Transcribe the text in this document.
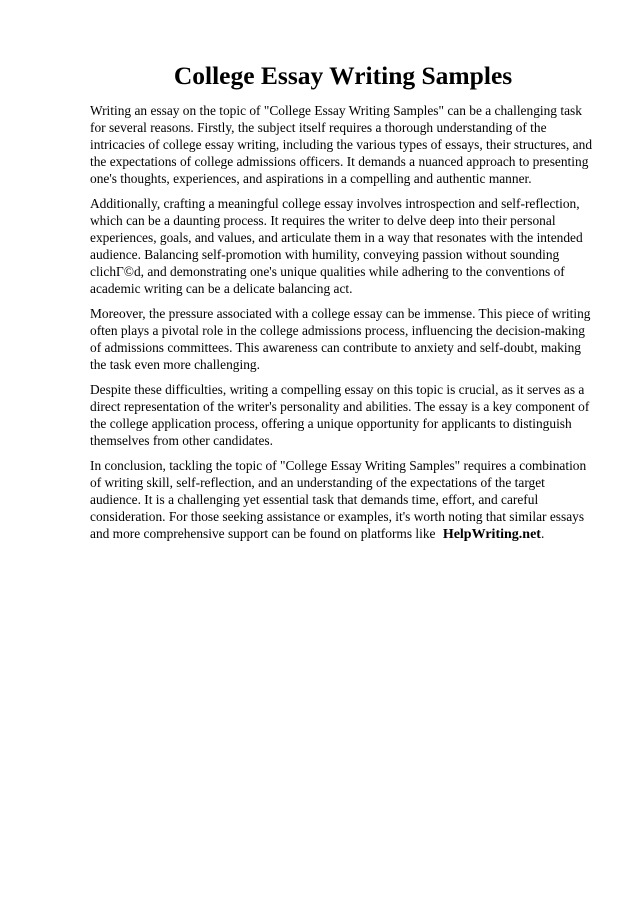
College Essay Writing Samples

Writing an essay on the topic of "College Essay Writing Samples" can be a challenging task for several reasons. Firstly, the subject itself requires a thorough understanding of the intricacies of college essay writing, including the various types of essays, their structures, and the expectations of college admissions officers. It demands a nuanced approach to presenting one's thoughts, experiences, and aspirations in a compelling and authentic manner.

Additionally, crafting a meaningful college essay involves introspection and self-reflection, which can be a daunting process. It requires the writer to delve deep into their personal experiences, goals, and values, and articulate them in a way that resonates with the intended audience. Balancing self-promotion with humility, conveying passion without sounding clichΓ©d, and demonstrating one's unique qualities while adhering to the conventions of academic writing can be a delicate balancing act.

Moreover, the pressure associated with a college essay can be immense. This piece of writing often plays a pivotal role in the college admissions process, influencing the decision-making of admissions committees. This awareness can contribute to anxiety and self-doubt, making the task even more challenging.

Despite these difficulties, writing a compelling essay on this topic is crucial, as it serves as a direct representation of the writer's personality and abilities. The essay is a key component of the college application process, offering a unique opportunity for applicants to distinguish themselves from other candidates.

In conclusion, tackling the topic of "College Essay Writing Samples" requires a combination of writing skill, self-reflection, and an understanding of the expectations of the target audience. It is a challenging yet essential task that demands time, effort, and careful consideration. For those seeking assistance or examples, it's worth noting that similar essays and more comprehensive support can be found on platforms like HelpWriting.net.
